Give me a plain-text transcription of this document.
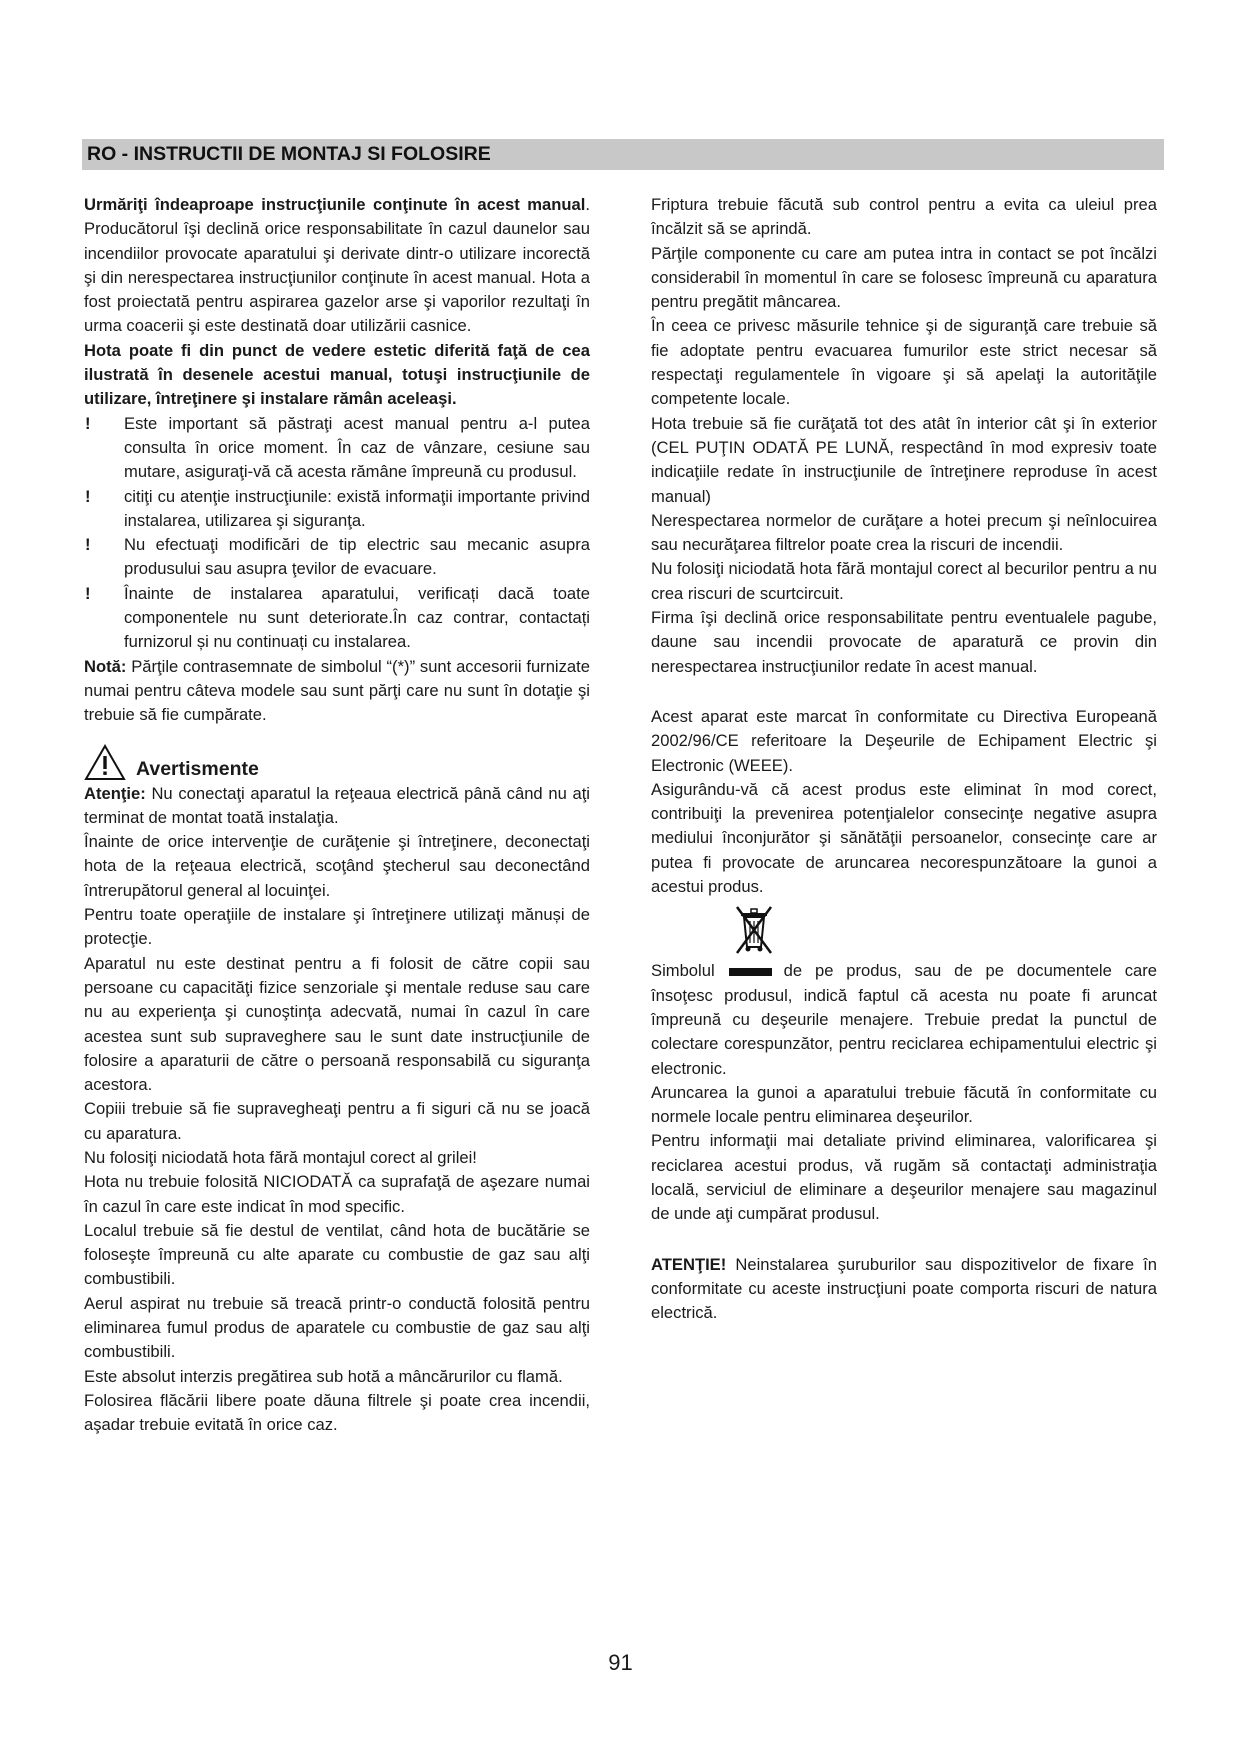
RO - INSTRUCTII DE MONTAJ SI FOLOSIRE

Urmăriţi îndeaproape instrucţiunile conţinute în acest manual. Producătorul îşi declină orice responsabilitate în cazul daunelor sau incendiilor provocate aparatului şi derivate dintr-o utilizare incorectă şi din nerespectarea instrucţiunilor conţinute în acest manual. Hota a fost proiectată pentru aspirarea gazelor arse şi vaporilor rezultaţi în urma coacerii şi este destinată doar utilizării casnice.

Hota poate fi din punct de vedere estetic diferită faţă de cea ilustrată în desenele acestui manual, totuşi instrucţiunile de utilizare, întreţinere şi instalare rămân aceleaşi.

!	Este important să păstraţi acest manual pentru a-l putea consulta în orice moment. În caz de vânzare, cesiune sau mutare, asiguraţi-vă că acesta rămâne împreună cu produsul.
!	citiţi cu atenţie instrucţiunile: există informaţii importante privind instalarea, utilizarea şi siguranţa.
!	Nu efectuaţi modificări de tip electric sau mecanic asupra produsului sau asupra ţevilor de evacuare.
!	Înainte de instalarea aparatului, verificați dacă toate componentele nu sunt deteriorate.În caz contrar, contactați furnizorul și nu continuați cu instalarea.

Notă: Părţile contrasemnate de simbolul “(*)” sunt accesorii furnizate numai pentru câteva modele sau sunt părţi care nu sunt în dotaţie şi trebuie să fie cumpărate.

Avertismente

Atenţie: Nu conectaţi aparatul la reţeaua electrică până când nu aţi terminat de montat toată instalaţia.

Înainte de orice intervenţie de curăţenie şi întreţinere, deconectaţi hota de la reţeaua electrică, scoţând ştecherul sau deconectând întrerupătorul general al locuinţei.

Pentru toate operaţiile de instalare şi întreţinere utilizaţi mănuși de protecţie.

Aparatul nu este destinat pentru a fi folosit de către copii sau persoane cu capacităţi fizice senzoriale şi mentale reduse sau care nu au experienţa şi cunoştinţa adecvată, numai în cazul în care acestea sunt sub supraveghere sau le sunt date instrucţiunile de folosire a aparaturii de către o persoană responsabilă cu siguranţa acestora.

Copiii trebuie să fie supravegheaţi pentru a fi siguri că nu se joacă cu aparatura.

Nu folosiţi niciodată hota fără montajul corect al grilei!

Hota nu trebuie folosită NICIODATĂ ca suprafaţă de aşezare numai în cazul în care este indicat în mod specific.

Localul trebuie să fie destul de ventilat, când hota de bucătărie se foloseşte împreună cu alte aparate cu combustie de gaz sau alţi combustibili.

Aerul aspirat nu trebuie să treacă printr-o conductă folosită pentru eliminarea fumul produs de aparatele cu combustie de gaz sau alţi combustibili.

Este absolut interzis pregătirea sub hotă a mâncărurilor cu flamă.

Folosirea flăcării libere poate dăuna filtrele şi poate crea incendii, aşadar trebuie evitată în orice caz.

Friptura trebuie făcută sub control pentru a evita ca uleiul prea încălzit să se aprindă.

Părţile componente cu care am putea intra in contact se pot încălzi considerabil în momentul în care se folosesc împreună cu aparatura pentru pregătit mâncarea.

În ceea ce privesc măsurile tehnice şi de siguranţă care trebuie să fie adoptate pentru evacuarea fumurilor este strict necesar să respectaţi regulamentele în vigoare şi să apelaţi la autorităţile competente locale.

Hota trebuie să fie curăţată tot des atât în interior cât şi în exterior (CEL PUŢIN ODATĂ PE LUNĂ, respectând în mod expresiv toate indicaţiile redate în instrucţiunile de întreţinere reproduse în acest manual)

Nerespectarea normelor de curăţare a hotei precum şi neînlocuirea sau necurăţarea filtrelor poate crea la riscuri de incendii.

Nu folosiţi niciodată hota fără montajul corect al becurilor pentru a nu crea riscuri de scurtcircuit.

Firma îşi declină orice responsabilitate pentru eventualele pagube, daune sau incendii provocate de aparatură ce provin din nerespectarea instrucţiunilor redate în acest manual.

Acest aparat este marcat în conformitate cu Directiva Europeană 2002/96/CE referitoare la Deşeurile de Echipament Electric şi Electronic (WEEE).

Asigurându-vă că acest produs este eliminat în mod corect, contribuiţi la prevenirea potenţialelor consecinţe negative asupra mediului înconjurător şi sănătăţii persoanelor, consecinţe care ar putea fi provocate de aruncarea necorespunzătoare la gunoi a acestui produs.

Simbolul	de pe produs, sau de pe documentele care însoţesc produsul, indică faptul că acesta nu poate fi aruncat împreună cu deşeurile menajere. Trebuie predat la punctul de colectare corespunzător, pentru reciclarea echipamentului electric şi electronic.

Aruncarea la gunoi a aparatului trebuie făcută în conformitate cu normele locale pentru eliminarea deşeurilor.

Pentru informaţii mai detaliate privind eliminarea, valorificarea şi reciclarea acestui produs, vă rugăm să contactaţi administraţia locală, serviciul de eliminare a deşeurilor menajere sau magazinul de unde aţi cumpărat produsul.

ATENŢIE! Neinstalarea şuruburilor sau dispozitivelor de fixare în conformitate cu aceste instrucţiuni poate comporta riscuri de natura electrică.

91
